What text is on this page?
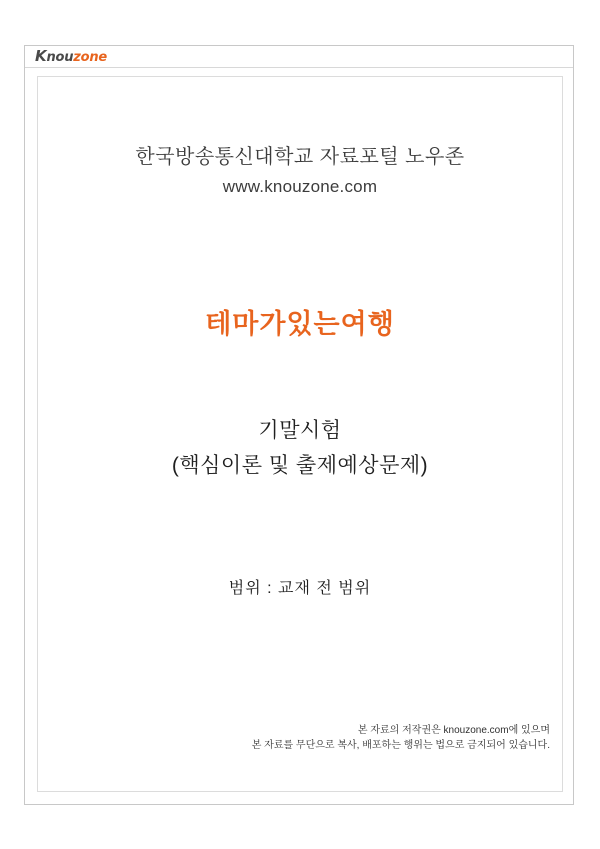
Knouzone
한국방송통신대학교 자료포털 노우존
www.knouzone.com
테마가있는여행
기말시험
(핵심이론 및 출제예상문제)
범위 : 교재 전 범위
본 자료의 저작권은 knouzone.com에 있으며
본 자료를 무단으로 복사, 배포하는 행위는 법으로 금지되어 있습니다.
